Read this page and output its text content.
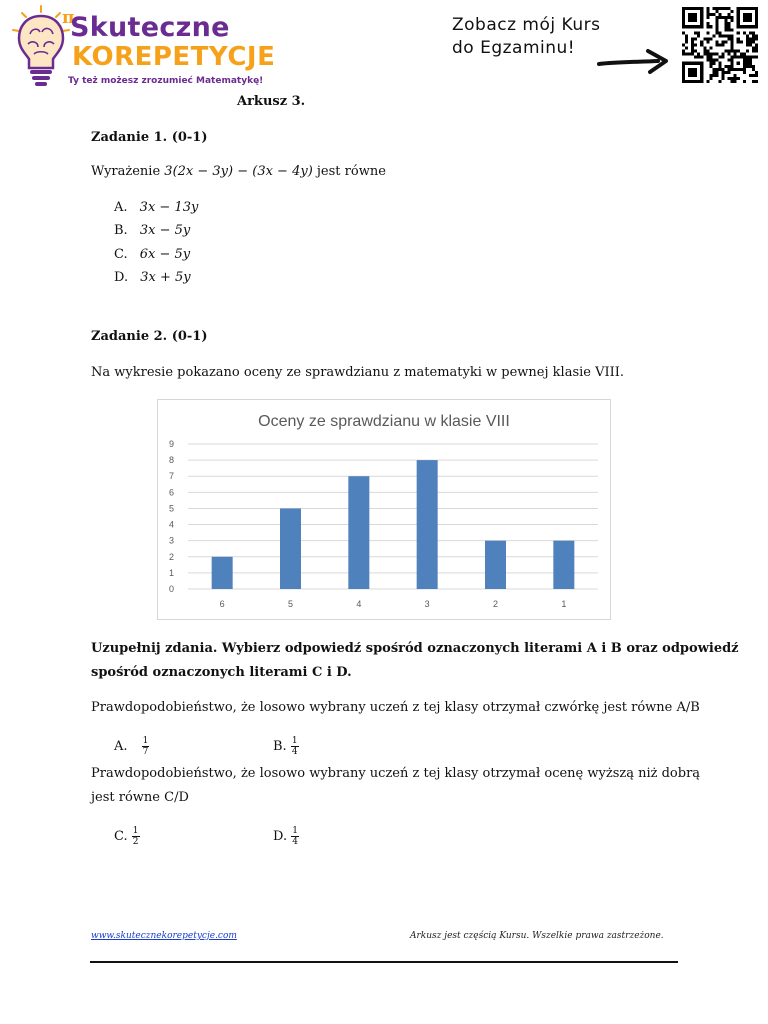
π
Skuteczne
KOREPETYCJE
Ty też możesz zrozumieć Matematykę!
Zobacz mój Kurs
do Egzaminu!
Arkusz 3.
Zadanie 1. (0-1)
Wyrażenie 3(2x − 3y) − (3x − 4y) jest równe
A. 3x − 13y
B. 3x − 5y
C. 6x − 5y
D. 3x + 5y
Zadanie 2. (0-1)
Na wykresie pokazano oceny ze sprawdzianu z matematyki w pewnej klasie VIII.
Oceny ze sprawdzianu w klasie VIII
0
1
2
3
4
5
6
7
8
9
6	5	4	3	2	1
Uzupełnij zdania. Wybierz odpowiedź spośród oznaczonych literami A i B oraz odpowiedź
spośród oznaczonych literami C i D.
Prawdopodobieństwo, że losowo wybrany uczeń z tej klasy otrzymał czwórkę jest równe A/B
A. $\frac{1}{7}$	B. $\frac{1}{4}$
Prawdopodobieństwo, że losowo wybrany uczeń z tej klasy otrzymał ocenę wyższą niż dobrą
jest równe C/D
C. $\frac{1}{2}$	D. $\frac{1}{4}$
www.skutecznekorepetycje.com	Arkusz jest częścią Kursu. Wszelkie prawa zastrzeżone.
